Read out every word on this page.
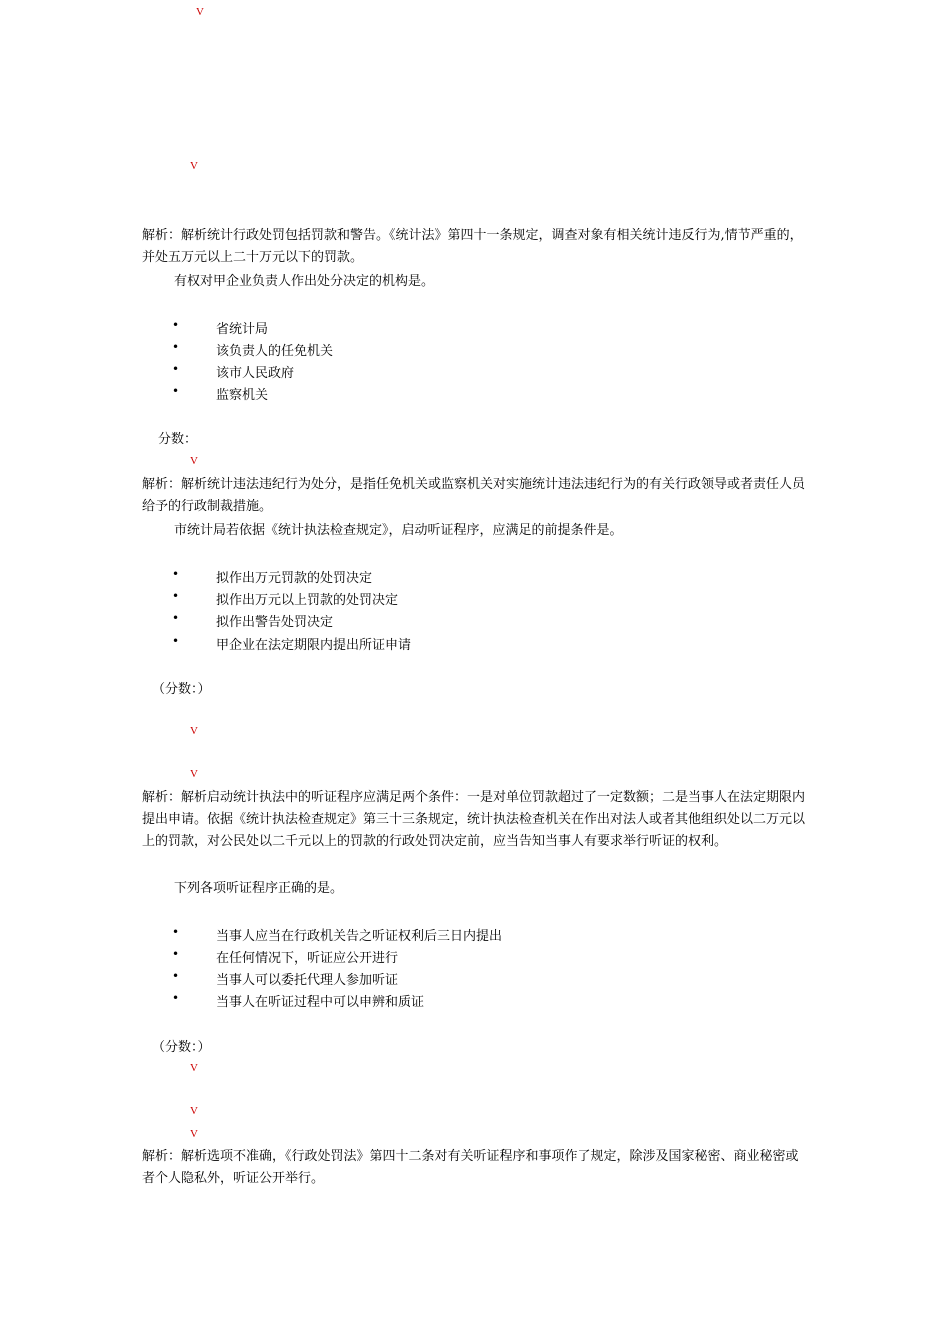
V
V
解析：解析统计行政处罚包括罚款和警告。《统计法》第四十一条规定，调查对象有相关统计违反行为,情节严重的，并处五万元以上二十万元以下的罚款。
有权对甲企业负责人作出处分决定的机构是。
•	省统计局
•	该负责人的任免机关
•	该市人民政府
•	监察机关
分数：
V
解析：解析统计违法违纪行为处分，是指任免机关或监察机关对实施统计违法违纪行为的有关行政领导或者责任人员给予的行政制裁措施。
市统计局若依据《统计执法检查规定》，启动听证程序，应满足的前提条件是。
•	拟作出万元罚款的处罚决定
•	拟作出万元以上罚款的处罚决定
•	拟作出警告处罚决定
•	甲企业在法定期限内提出所证申请
（分数：）
V
V
解析：解析启动统计执法中的听证程序应满足两个条件：一是对单位罚款超过了一定数额；二是当事人在法定期限内提出申请。依据《统计执法检查规定》第三十三条规定，统计执法检查机关在作出对法人或者其他组织处以二万元以上的罚款，对公民处以二千元以上的罚款的行政处罚决定前，应当告知当事人有要求举行听证的权利。
下列各项听证程序正确的是。
•	当事人应当在行政机关告之听证权利后三日内提出
•	在任何情况下，听证应公开进行
•	当事人可以委托代理人参加听证
•	当事人在听证过程中可以申辨和质证
（分数：）
V
V
V
解析：解析选项不准确，《行政处罚法》第四十二条对有关听证程序和事项作了规定，除涉及国家秘密、商业秘密或者个人隐私外，听证公开举行。
